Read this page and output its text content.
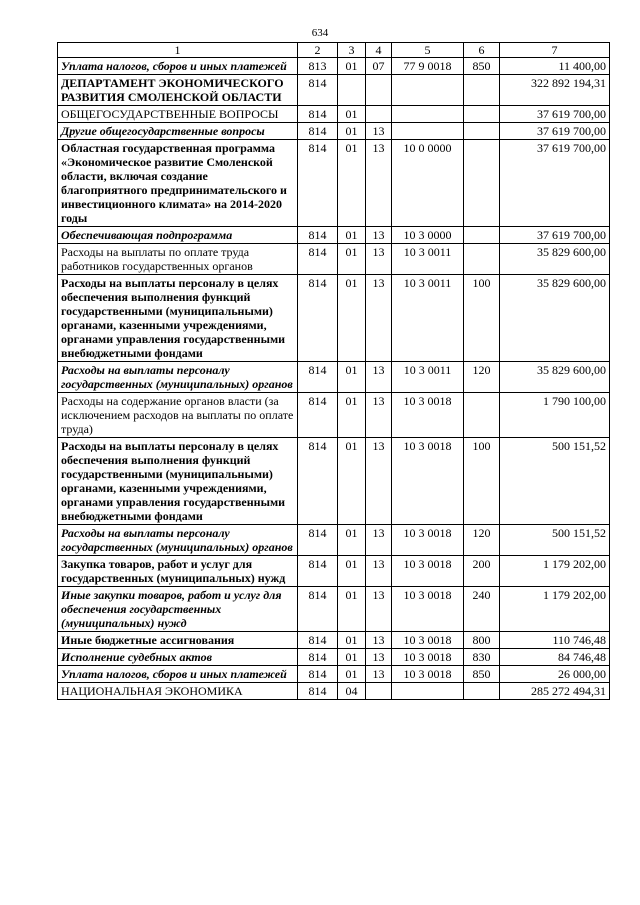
634
1	2	3	4	5	6	7
Уплата налогов, сборов и иных платежей	813	01	07	77 9 0018	850	11 400,00
ДЕПАРТАМЕНТ ЭКОНОМИЧЕСКОГО РАЗВИТИЯ СМОЛЕНСКОЙ ОБЛАСТИ	814					322 892 194,31
ОБЩЕГОСУДАРСТВЕННЫЕ ВОПРОСЫ	814	01				37 619 700,00
Другие общегосударственные вопросы	814	01	13			37 619 700,00
Областная государственная программа «Экономическое развитие Смоленской области, включая создание благоприятного предпринимательского и инвестиционного климата» на 2014-2020 годы	814	01	13	10 0 0000		37 619 700,00
Обеспечивающая подпрограмма	814	01	13	10 3 0000		37 619 700,00
Расходы на выплаты по оплате труда работников государственных органов	814	01	13	10 3 0011		35 829 600,00
Расходы на выплаты персоналу в целях обеспечения выполнения функций государственными (муниципальными) органами, казенными учреждениями, органами управления государственными внебюджетными фондами	814	01	13	10 3 0011	100	35 829 600,00
Расходы на выплаты персоналу государственных (муниципальных) органов	814	01	13	10 3 0011	120	35 829 600,00
Расходы на содержание органов власти (за исключением расходов на выплаты по оплате труда)	814	01	13	10 3 0018		1 790 100,00
Расходы на выплаты персоналу в целях обеспечения выполнения функций государственными (муниципальными) органами, казенными учреждениями, органами управления государственными внебюджетными фондами	814	01	13	10 3 0018	100	500 151,52
Расходы на выплаты персоналу государственных (муниципальных) органов	814	01	13	10 3 0018	120	500 151,52
Закупка товаров, работ и услуг для государственных (муниципальных) нужд	814	01	13	10 3 0018	200	1 179 202,00
Иные закупки товаров, работ и услуг для обеспечения государственных (муниципальных) нужд	814	01	13	10 3 0018	240	1 179 202,00
Иные бюджетные ассигнования	814	01	13	10 3 0018	800	110 746,48
Исполнение судебных актов	814	01	13	10 3 0018	830	84 746,48
Уплата налогов, сборов и иных платежей	814	01	13	10 3 0018	850	26 000,00
НАЦИОНАЛЬНАЯ ЭКОНОМИКА	814	04				285 272 494,31
